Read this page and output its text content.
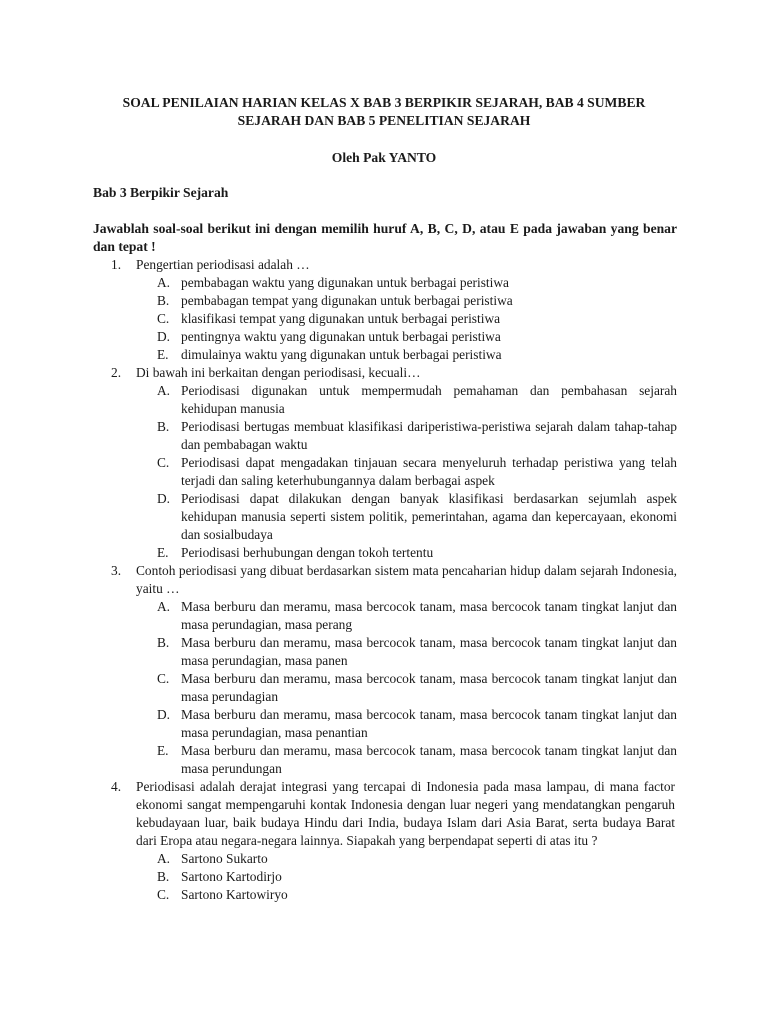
SOAL PENILAIAN HARIAN KELAS X BAB 3 BERPIKIR SEJARAH, BAB 4 SUMBER
SEJARAH DAN BAB 5 PENELITIAN SEJARAH
Oleh Pak YANTO
Bab 3 Berpikir Sejarah
Jawablah soal-soal berikut ini dengan memilih huruf A, B, C, D, atau E pada jawaban yang benar dan tepat !
1. Pengertian periodisasi adalah …
A. pembabagan waktu yang digunakan untuk berbagai peristiwa
B. pembabagan tempat yang digunakan untuk berbagai peristiwa
C. klasifikasi tempat yang digunakan untuk berbagai peristiwa
D. pentingnya waktu yang digunakan untuk berbagai peristiwa
E. dimulainya waktu yang digunakan untuk berbagai peristiwa
2. Di bawah ini berkaitan dengan periodisasi, kecuali…
A. Periodisasi digunakan untuk mempermudah pemahaman dan pembahasan sejarah kehidupan manusia
B. Periodisasi bertugas membuat klasifikasi dariperistiwa-peristiwa sejarah dalam tahap-tahap dan pembabagan waktu
C. Periodisasi dapat mengadakan tinjauan secara menyeluruh terhadap peristiwa yang telah terjadi dan saling keterhubungannya dalam berbagai aspek
D. Periodisasi dapat dilakukan dengan banyak klasifikasi berdasarkan sejumlah aspek kehidupan manusia seperti sistem politik, pemerintahan, agama dan kepercayaan, ekonomi dan sosialbudaya
E. Periodisasi berhubungan dengan tokoh tertentu
3. Contoh periodisasi yang dibuat berdasarkan sistem mata pencaharian hidup dalam sejarah Indonesia, yaitu …
A. Masa berburu dan meramu, masa bercocok tanam, masa bercocok tanam tingkat lanjut dan masa perundagian, masa perang
B. Masa berburu dan meramu, masa bercocok tanam, masa bercocok tanam tingkat lanjut dan masa perundagian, masa panen
C. Masa berburu dan meramu, masa bercocok tanam, masa bercocok tanam tingkat lanjut dan masa perundagian
D. Masa berburu dan meramu, masa bercocok tanam, masa bercocok tanam tingkat lanjut dan masa perundagian, masa penantian
E. Masa berburu dan meramu, masa bercocok tanam, masa bercocok tanam tingkat lanjut dan masa perundungan
4. Periodisasi adalah derajat integrasi yang tercapai di Indonesia pada masa lampau, di mana factor ekonomi sangat mempengaruhi kontak Indonesia dengan luar negeri yang mendatangkan pengaruh kebudayaan luar, baik budaya Hindu dari India, budaya Islam dari Asia Barat, serta budaya Barat dari Eropa atau negara-negara lainnya. Siapakah yang berpendapat seperti di atas itu ?
A. Sartono Sukarto
B. Sartono Kartodirjo
C. Sartono Kartowiryo
